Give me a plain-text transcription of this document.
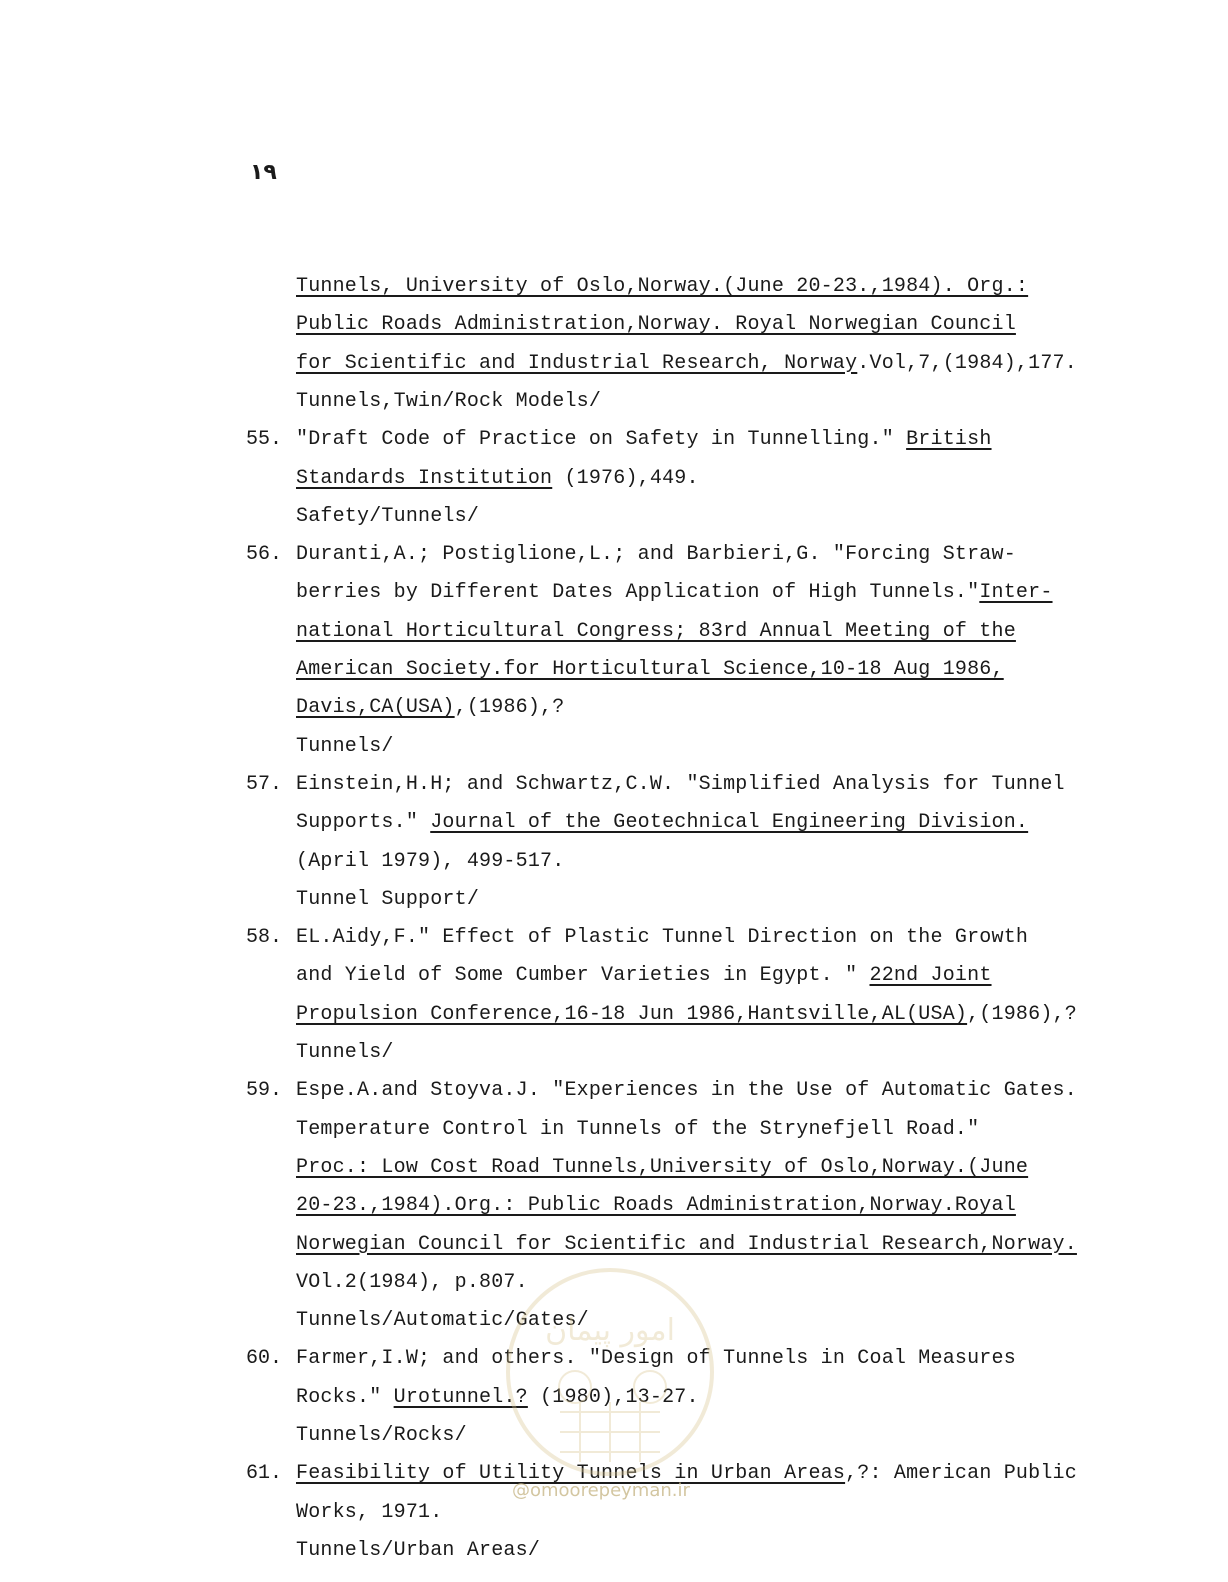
۱۹
Tunnels, University of Oslo,Norway.(June 20-23.,1984). Org.:
Public Roads Administration,Norway. Royal Norwegian Council
for Scientific and Industrial Research, Norway.Vol,7,(1984),177.
Tunnels,Twin/Rock Models/
55. "Draft Code of Practice on Safety in Tunnelling." British
Standards Institution (1976),449.
Safety/Tunnels/
56. Duranti,A.; Postiglione,L.; and Barbieri,G. "Forcing Straw-
berries by Different Dates Application of High Tunnels."Inter-
national Horticultural Congress; 83rd Annual Meeting of the
American Society.for Horticultural Science,10-18 Aug 1986,
Davis,CA(USA),(1986),?
Tunnels/
57. Einstein,H.H; and Schwartz,C.W. "Simplified Analysis for Tunnel
Supports." Journal of the Geotechnical Engineering Division.
(April 1979), 499-517.
Tunnel Support/
58. EL.Aidy,F." Effect of Plastic Tunnel Direction on the Growth
and Yield of Some Cumber Varieties in Egypt. " 22nd Joint
Propulsion Conference,16-18 Jun 1986,Hantsville,AL(USA),(1986),?
Tunnels/
59. Espe.A.and Stoyva.J. "Experiences in the Use of Automatic Gates.
Temperature Control in Tunnels of the Strynefjell Road."
Proc.: Low Cost Road Tunnels,University of Oslo,Norway.(June
20-23.,1984).Org.: Public Roads Administration,Norway.Royal
Norwegian Council for Scientific and Industrial Research,Norway.
VOl.2(1984), p.807.
Tunnels/Automatic/Gates/
60. Farmer,I.W; and others. "Design of Tunnels in Coal Measures
Rocks." Urotunnel.? (1980),13-27.
Tunnels/Rocks/
61. Feasibility of Utility Tunnels in Urban Areas,?: American Public
Works, 1971.
Tunnels/Urban Areas/
امور پیمان
@omoorepeyman.ir
